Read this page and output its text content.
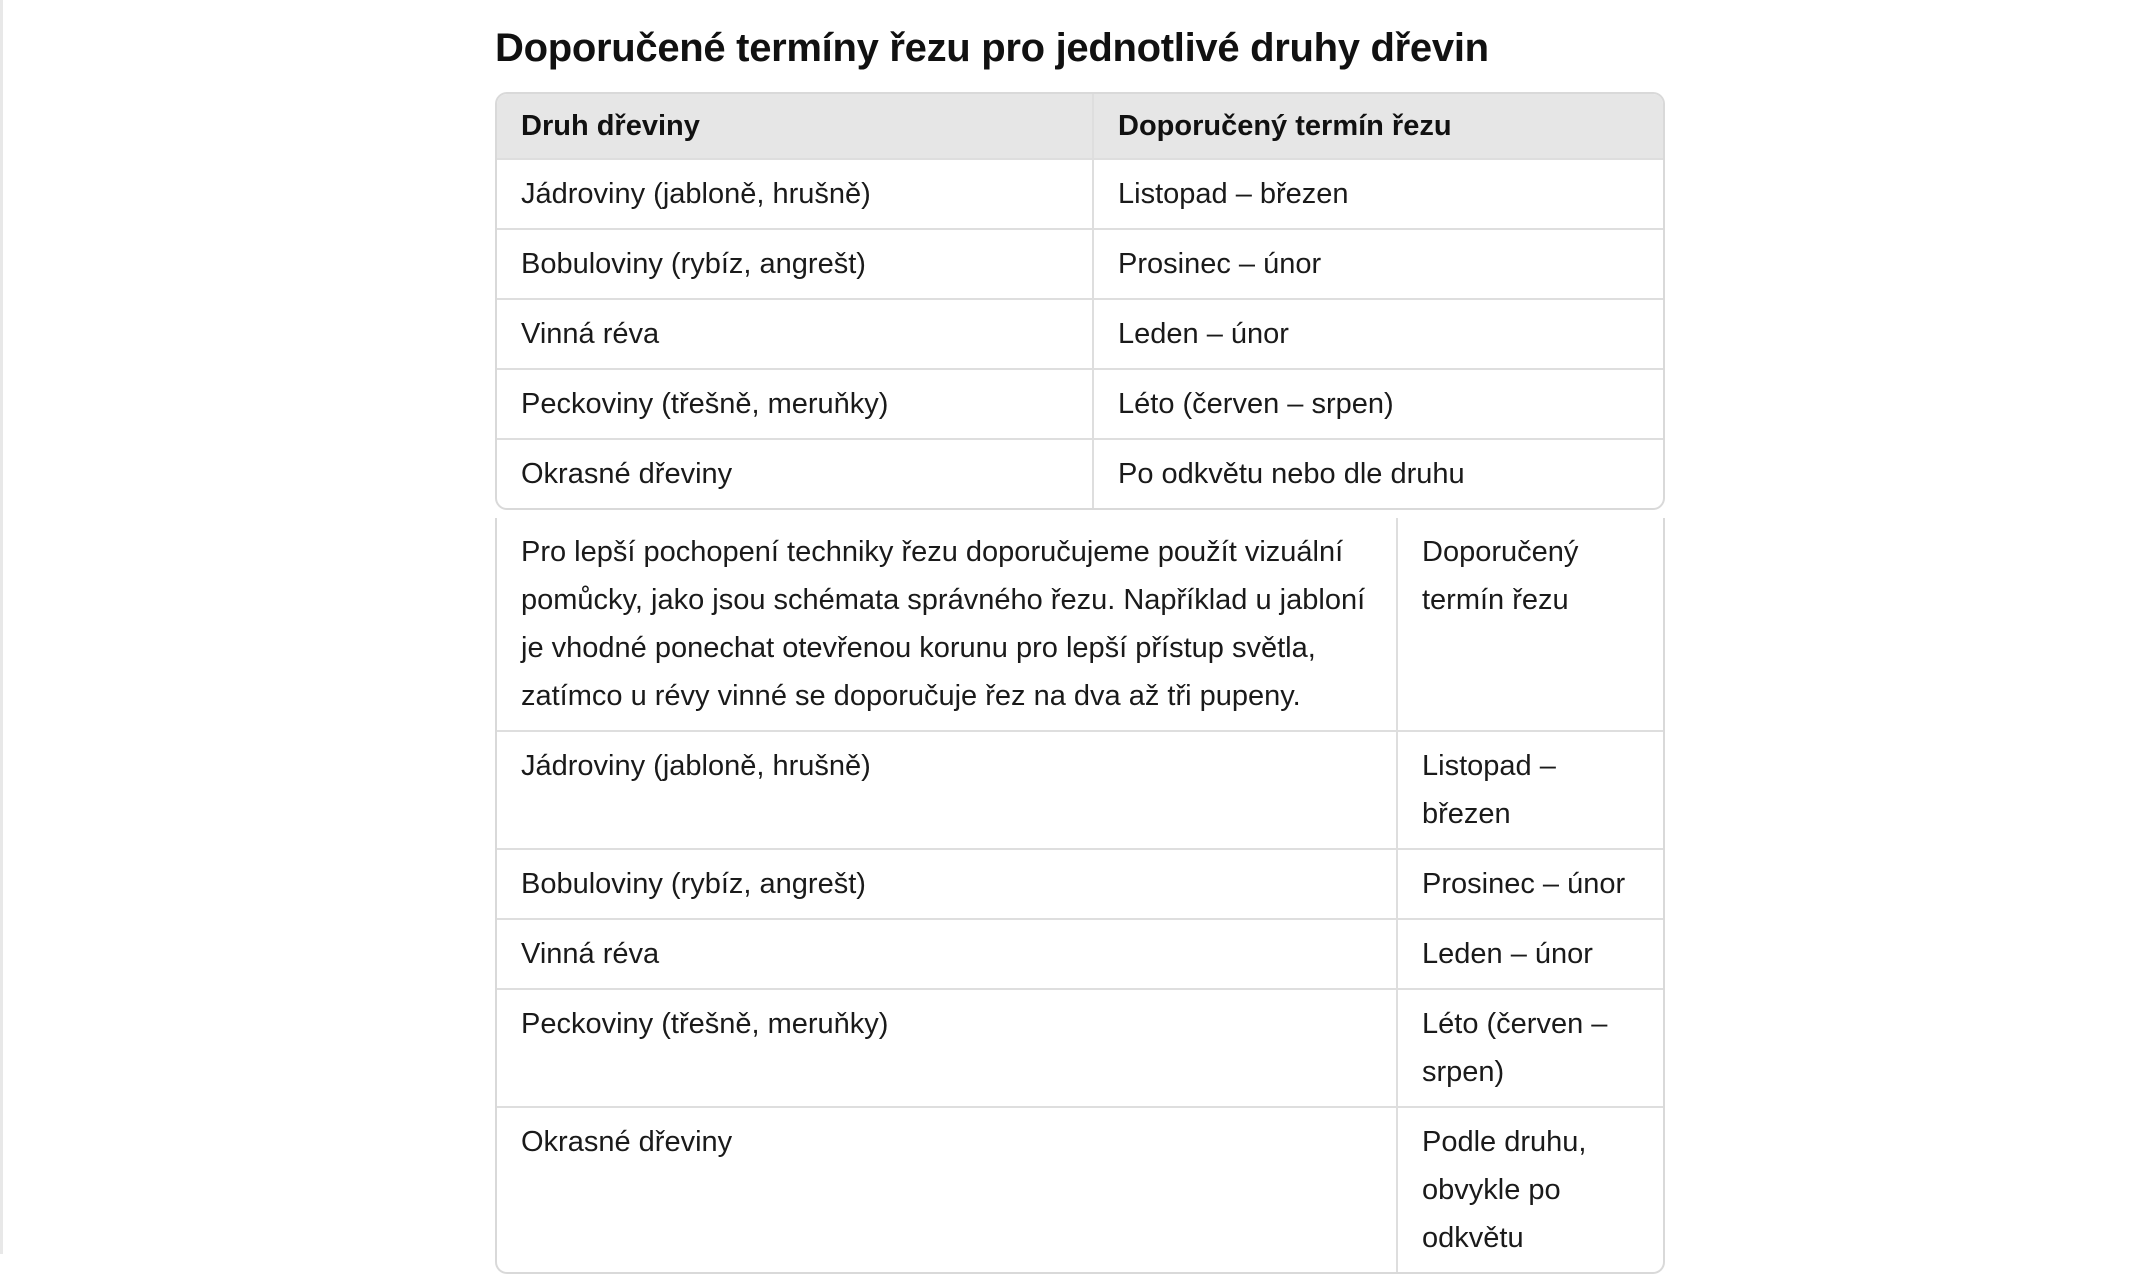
Doporučené termíny řezu pro jednotlivé druhy dřevin
Druh dřeviny	Doporučený termín řezu
Jádroviny (jabloně, hrušně)	Listopad – březen
Bobuloviny (rybíz, angrešt)	Prosinec – únor
Vinná réva	Leden – únor
Peckoviny (třešně, meruňky)	Léto (červen – srpen)
Okrasné dřeviny	Po odkvětu nebo dle druhu
Pro lepší pochopení techniky řezu doporučujeme použít vizuální pomůcky, jako jsou schémata správného řezu. Například u jabloní je vhodné ponechat otevřenou korunu pro lepší přístup světla, zatímco u révy vinné se doporučuje řez na dva až tři pupeny.	Doporučený termín řezu
Jádroviny (jabloně, hrušně)	Listopad – březen
Bobuloviny (rybíz, angrešt)	Prosinec – únor
Vinná réva	Leden – únor
Peckoviny (třešně, meruňky)	Léto (červen – srpen)
Okrasné dřeviny	Podle druhu, obvykle po odkvětu
